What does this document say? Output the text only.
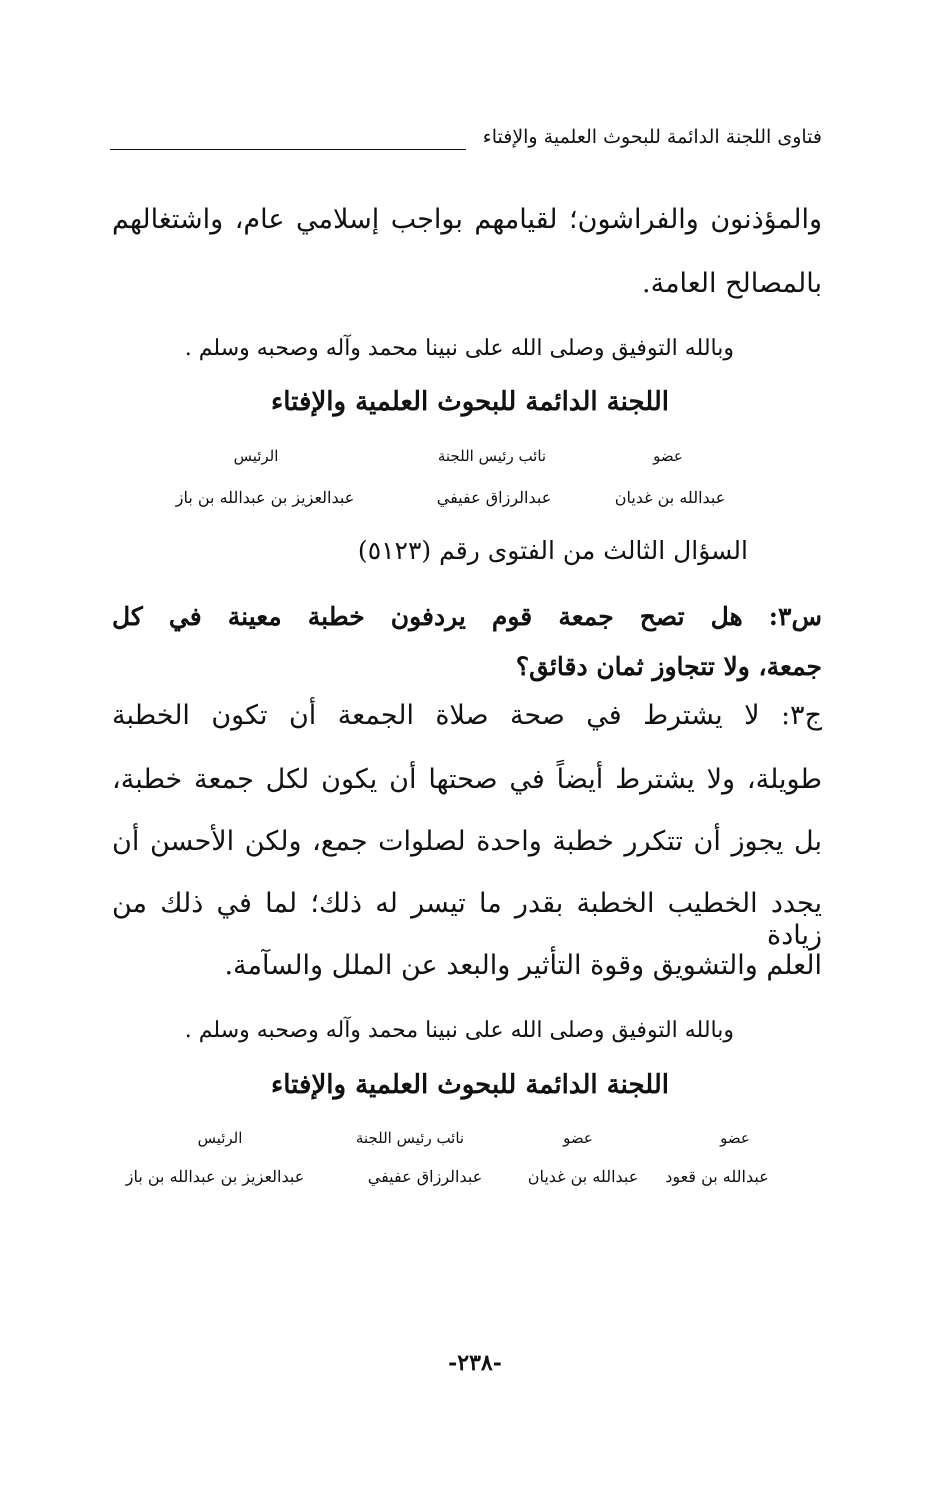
فتاوى اللجنة الدائمة للبحوث العلمية والإفتاء
والمؤذنون والفراشون؛ لقيامهم بواجب إسلامي عام، واشتغالهم
بالمصالح العامة.
وبالله التوفيق وصلى الله على نبينا محمد وآله وصحبه وسلم .
اللجنة الدائمة للبحوث العلمية والإفتاء
عضو
نائب رئيس اللجنة
الرئيس
عبدالله بن غديان
عبدالرزاق عفيفي
عبدالعزيز بن عبدالله بن باز
السؤال الثالث من الفتوى رقم (٥١٢٣)
س٣: هل تصح جمعة قوم يردفون خطبة معينة في كل
جمعة، ولا تتجاوز ثمان دقائق؟
ج٣: لا يشترط في صحة صلاة الجمعة أن تكون الخطبة
طويلة، ولا يشترط أيضاً في صحتها أن يكون لكل جمعة خطبة،
بل يجوز أن تتكرر خطبة واحدة لصلوات جمع، ولكن الأحسن أن
يجدد الخطيب الخطبة بقدر ما تيسر له ذلك؛ لما في ذلك من زيادة
العلم والتشويق وقوة التأثير والبعد عن الملل والسآمة.
وبالله التوفيق وصلى الله على نبينا محمد وآله وصحبه وسلم .
اللجنة الدائمة للبحوث العلمية والإفتاء
عضو
عضو
نائب رئيس اللجنة
الرئيس
عبدالله بن قعود
عبدالله بن غديان
عبدالرزاق عفيفي
عبدالعزيز بن عبدالله بن باز
-٢٣٨-
